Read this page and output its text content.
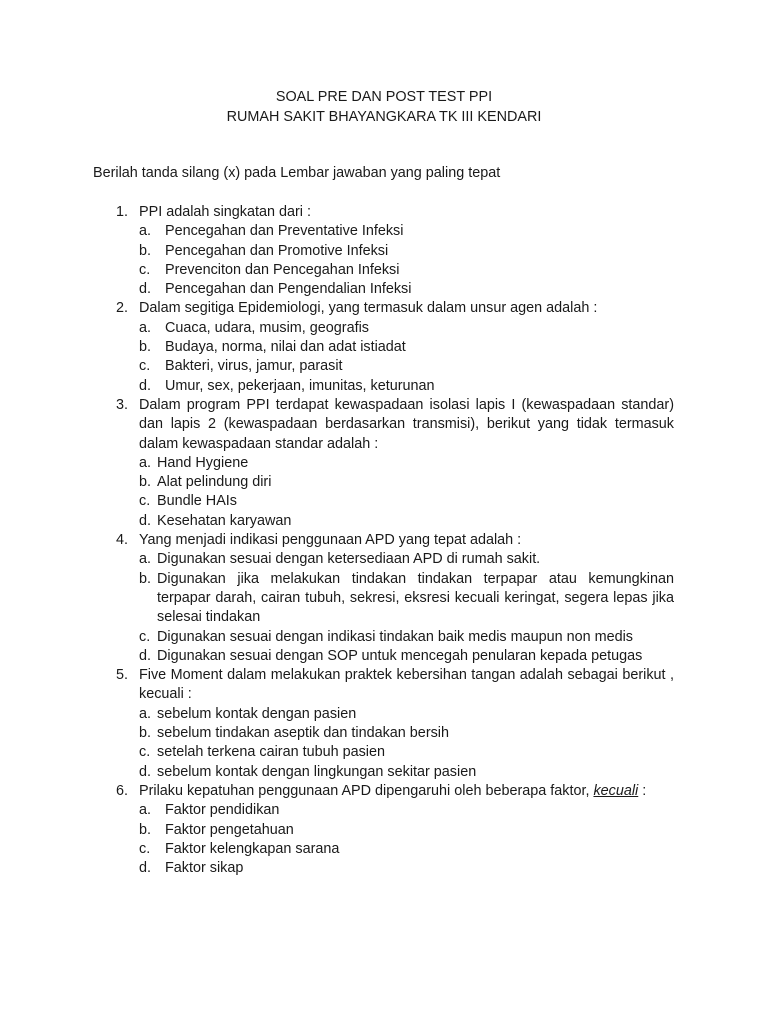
SOAL PRE DAN POST TEST PPI
RUMAH SAKIT BHAYANGKARA TK III KENDARI
Berilah tanda silang (x) pada Lembar jawaban yang paling tepat
1. PPI adalah singkatan dari :
a. Pencegahan dan Preventative Infeksi
b. Pencegahan dan Promotive Infeksi
c. Prevenciton dan Pencegahan Infeksi
d. Pencegahan dan Pengendalian Infeksi
2. Dalam segitiga Epidemiologi, yang termasuk dalam unsur agen adalah :
a. Cuaca, udara, musim, geografis
b. Budaya, norma, nilai dan adat istiadat
c. Bakteri, virus, jamur, parasit
d. Umur, sex, pekerjaan, imunitas, keturunan
3. Dalam program PPI terdapat kewaspadaan isolasi lapis I (kewaspadaan standar) dan lapis 2 (kewaspadaan berdasarkan transmisi), berikut yang tidak termasuk dalam kewaspadaan standar adalah :
a. Hand Hygiene
b. Alat pelindung diri
c. Bundle HAIs
d. Kesehatan karyawan
4. Yang menjadi indikasi penggunaan APD yang tepat adalah :
a. Digunakan sesuai dengan ketersediaan APD di rumah sakit.
b. Digunakan jika melakukan tindakan tindakan terpapar atau kemungkinan terpapar darah, cairan tubuh, sekresi, eksresi kecuali keringat, segera lepas jika selesai tindakan
c. Digunakan sesuai dengan indikasi tindakan baik medis maupun non medis
d. Digunakan sesuai dengan SOP untuk mencegah penularan kepada petugas
5. Five Moment dalam melakukan praktek kebersihan tangan adalah sebagai berikut , kecuali :
a. sebelum kontak dengan pasien
b. sebelum tindakan aseptik dan tindakan bersih
c. setelah terkena cairan tubuh pasien
d. sebelum kontak dengan lingkungan sekitar pasien
6. Prilaku kepatuhan penggunaan APD dipengaruhi oleh beberapa faktor, kecuali :
a. Faktor pendidikan
b. Faktor pengetahuan
c. Faktor kelengkapan sarana
d. Faktor sikap
